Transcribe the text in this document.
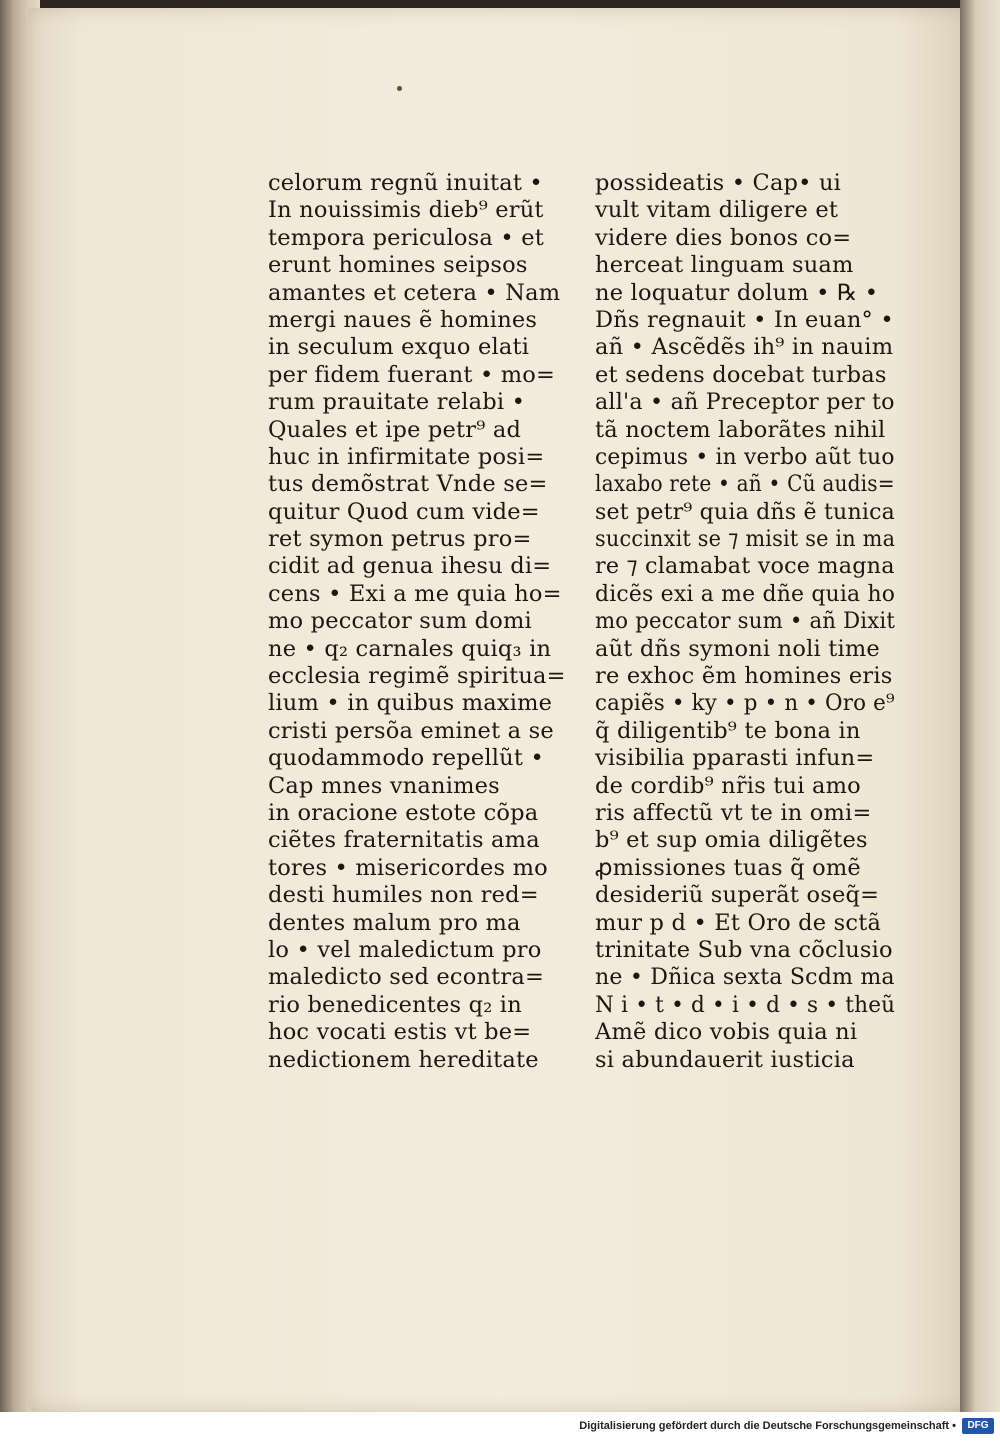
celorum regnũ inuitat •
In nouissimis dieb⁹ erũt
tempora periculosa • et
erunt homines seipsos
amantes et cetera • Nam
mergi naues ẽ homines
in seculum exquo elati
per fidem fuerant • mo=
rum prauitate relabi •
Quales et ipe petr⁹ ad
huc in infirmitate posi=
tus demõstrat Vnde se=
quitur Quod cum vide=
ret symon petrus pro=
cidit ad genua ihesu di=
cens • Exi a me quia ho=
mo peccator sum domi
ne • q₂ carnales quiq₃ in
ecclesia regimẽ spiritua=
lium • in quibus maxime
cristi persõa eminet a se
quodammodo repellũt •
Cap mnes vnanimes
in oracione estote cõpa
ciẽtes fraternitatis ama
tores • misericordes mo
desti humiles non red=
dentes malum pro ma
lo • vel maledictum pro
maledicto sed econtra=
rio benedicentes q₂ in
hoc vocati estis vt be=
nedictionem hereditate
possideatis • Cap• ui
vult vitam diligere et
videre dies bonos co=
herceat linguam suam
ne loquatur dolum • ℞ •
Dñs regnauit • In euan° •
añ • Ascẽdẽs ih⁹ in nauim
et sedens docebat turbas
all'a • añ Preceptor per to
tã noctem laborãtes nihil
cepimus • in verbo aũt tuo
laxabo rete • añ • Cũ audis=
set petr⁹ quia dñs ẽ tunica
succinxit se ⁊ misit se in ma
re ⁊ clamabat voce magna
dicẽs exi a me dñe quia ho
mo peccator sum • añ Dixit
aũt dñs symoni noli time
re exhoc ẽm homines eris
capiẽs • ky • p • n • Oro e⁹
q̃ diligentib⁹ te bona in
visibilia pparasti infun=
de cordib⁹ nr̃is tui amo
ris affectũ vt te in omi=
b⁹ et sup omia diligẽtes
ꝓmissiones tuas q̃ omẽ
desideriũ superãt oseq̃=
mur p d • Et Oro de sctã
trinitate Sub vna cõclusio
ne • Dñica sexta Scdm ma
N i • t • d • i • d • s • theũ
Amẽ dico vobis quia ni
si abundauerit iusticia
Digitalisierung gefördert durch die Deutsche Forschungsgemeinschaft •	DFG
